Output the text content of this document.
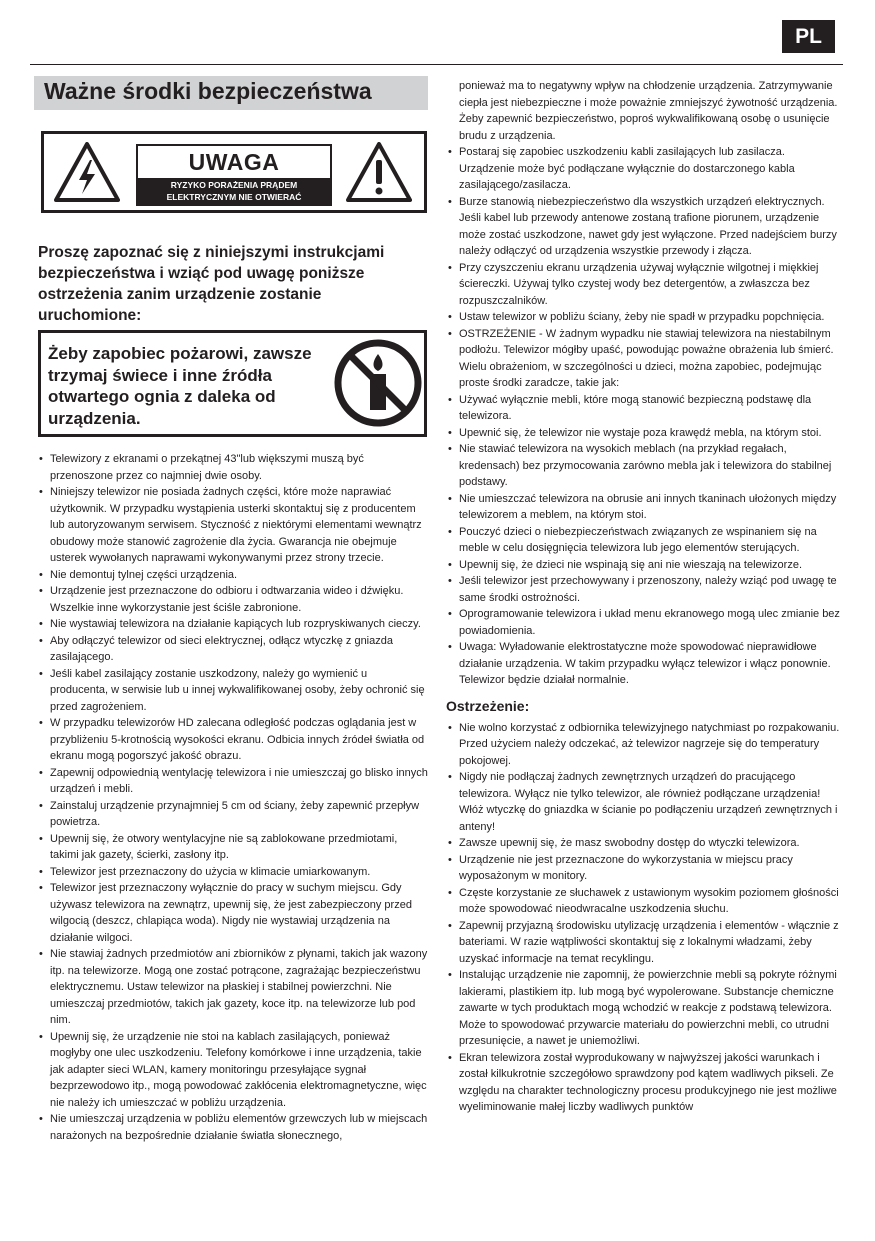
PL
Ważne środki bezpieczeństwa
UWAGA
RYZYKO PORAŻENIA PRĄDEM
ELEKTRYCZNYM NIE OTWIERAĆ
Proszę zapoznać się z niniejszymi instrukcjami bezpieczeństwa i wziąć pod uwagę poniższe ostrzeżenia zanim urządzenie zostanie uruchomione:
Żeby zapobiec pożarowi, zawsze trzymaj świece i inne źródła otwartego ognia z daleka od urządzenia.
• Telewizory z ekranami o przekątnej 43"lub większymi muszą być przenoszone przez co najmniej dwie osoby.
• Niniejszy telewizor nie posiada żadnych części, które może naprawiać użytkownik. W przypadku wystąpienia usterki skontaktuj się z producentem lub autoryzowanym serwisem. Styczność z niektórymi elementami wewnątrz obudowy może stanowić zagrożenie dla życia. Gwarancja nie obejmuje usterek wywołanych naprawami wykonywanymi przez strony trzecie.
• Nie demontuj tylnej części urządzenia.
• Urządzenie jest przeznaczone do odbioru i odtwarzania wideo i dźwięku. Wszelkie inne wykorzystanie jest ściśle zabronione.
• Nie wystawiaj telewizora na działanie kapiących lub rozpryskiwanych cieczy.
• Aby odłączyć telewizor od sieci elektrycznej, odłącz wtyczkę z gniazda zasilającego.
• Jeśli kabel zasilający zostanie uszkodzony, należy go wymienić u producenta, w serwisie lub u innej wykwalifikowanej osoby, żeby ochronić się przed zagrożeniem.
• W przypadku telewizorów HD zalecana odległość podczas oglądania jest w przybliżeniu 5-krotnością wysokości ekranu. Odbicia innych źródeł światła od ekranu mogą pogorszyć jakość obrazu.
• Zapewnij odpowiednią wentylację telewizora i nie umieszczaj go blisko innych urządzeń i mebli.
• Zainstaluj urządzenie przynajmniej 5 cm od ściany, żeby zapewnić przepływ powietrza.
• Upewnij się, że otwory wentylacyjne nie są zablokowane przedmiotami, takimi jak gazety, ścierki, zasłony itp.
• Telewizor jest przeznaczony do użycia w klimacie umiarkowanym.
• Telewizor jest przeznaczony wyłącznie do pracy w suchym miejscu. Gdy używasz telewizora na zewnątrz, upewnij się, że jest zabezpieczony przed wilgocią (deszcz, chlapiąca woda). Nigdy nie wystawiaj urządzenia na działanie wilgoci.
• Nie stawiaj żadnych przedmiotów ani zbiorników z płynami, takich jak wazony itp. na telewizorze. Mogą one zostać potrącone, zagrażając bezpieczeństwu elektrycznemu. Ustaw telewizor na płaskiej i stabilnej powierzchni. Nie umieszczaj przedmiotów, takich jak gazety, koce itp. na telewizorze lub pod nim.
• Upewnij się, że urządzenie nie stoi na kablach zasilających, ponieważ mogłyby one ulec uszkodzeniu. Telefony komórkowe i inne urządzenia, takie jak adapter sieci WLAN, kamery monitoringu przesyłające sygnał bezprzewodowo itp., mogą powodować zakłócenia elektromagnetyczne, więc nie należy ich umieszczać w pobliżu urządzenia.
• Nie umieszczaj urządzenia w pobliżu elementów grzewczych lub w miejscach narażonych na bezpośrednie działanie światła słonecznego,
ponieważ ma to negatywny wpływ na chłodzenie urządzenia. Zatrzymywanie ciepła jest niebezpieczne i może poważnie zmniejszyć żywotność urządzenia. Żeby zapewnić bezpieczeństwo, poproś wykwalifikowaną osobę o usunięcie brudu z urządzenia.
• Postaraj się zapobiec uszkodzeniu kabli zasilających lub zasilacza. Urządzenie może być podłączane wyłącznie do dostarczonego kabla zasilającego/zasilacza.
• Burze stanowią niebezpieczeństwo dla wszystkich urządzeń elektrycznych. Jeśli kabel lub przewody antenowe zostaną trafione piorunem, urządzenie może zostać uszkodzone, nawet gdy jest wyłączone. Przed nadejściem burzy należy odłączyć od urządzenia wszystkie przewody i złącza.
• Przy czyszczeniu ekranu urządzenia używaj wyłącznie wilgotnej i miękkiej ściereczki. Używaj tylko czystej wody bez detergentów, a zwłaszcza bez rozpuszczalników.
• Ustaw telewizor w pobliżu ściany, żeby nie spadł w przypadku popchnięcia.
• OSTRZEŻENIE - W żadnym wypadku nie stawiaj telewizora na niestabilnym podłożu. Telewizor mógłby upaść, powodując poważne obrażenia lub śmierć. Wielu obrażeniom, w szczególności u dzieci, można zapobiec, podejmując proste środki zaradcze, takie jak:
• Używać wyłącznie mebli, które mogą stanowić bezpieczną podstawę dla telewizora.
• Upewnić się, że telewizor nie wystaje poza krawędź mebla, na którym stoi.
• Nie stawiać telewizora na wysokich meblach (na przykład regałach, kredensach) bez przymocowania zarówno mebla jak i telewizora do stabilnej podstawy.
• Nie umieszczać telewizora na obrusie ani innych tkaninach ułożonych między telewizorem a meblem, na którym stoi.
• Pouczyć dzieci o niebezpieczeństwach związanych ze wspinaniem się na meble w celu dosięgnięcia telewizora lub jego elementów sterujących.
• Upewnij się, że dzieci nie wspinają się ani nie wieszają na telewizorze.
• Jeśli telewizor jest przechowywany i przenoszony, należy wziąć pod uwagę te same środki ostrożności.
• Oprogramowanie telewizora i układ menu ekranowego mogą ulec zmianie bez powiadomienia.
• Uwaga: Wyładowanie elektrostatyczne może spowodować nieprawidłowe działanie urządzenia. W takim przypadku wyłącz telewizor i włącz ponownie. Telewizor będzie działał normalnie.
Ostrzeżenie:
• Nie wolno korzystać z odbiornika telewizyjnego natychmiast po rozpakowaniu. Przed użyciem należy odczekać, aż telewizor nagrzeje się do temperatury pokojowej.
• Nigdy nie podłączaj żadnych zewnętrznych urządzeń do pracującego telewizora. Wyłącz nie tylko telewizor, ale również podłączane urządzenia! Włóż wtyczkę do gniazdka w ścianie po podłączeniu urządzeń zewnętrznych i anteny!
• Zawsze upewnij się, że masz swobodny dostęp do wtyczki telewizora.
• Urządzenie nie jest przeznaczone do wykorzystania w miejscu pracy wyposażonym w monitory.
• Częste korzystanie ze słuchawek z ustawionym wysokim poziomem głośności może spowodować nieodwracalne uszkodzenia słuchu.
• Zapewnij przyjazną środowisku utylizację urządzenia i elementów - włącznie z bateriami. W razie wątpliwości skontaktuj się z lokalnymi władzami, żeby uzyskać informacje na temat recyklingu.
• Instalując urządzenie nie zapomnij, że powierzchnie mebli są pokryte różnymi lakierami, plastikiem itp. lub mogą być wypolerowane. Substancje chemiczne zawarte w tych produktach mogą wchodzić w reakcje z podstawą telewizora. Może to spowodować przywarcie materiału do powierzchni mebli, co utrudni przesunięcie, a nawet je uniemożliwi.
• Ekran telewizora został wyprodukowany w najwyższej jakości warunkach i został kilkukrotnie szczegółowo sprawdzony pod kątem wadliwych pikseli. Ze względu na charakter technologiczny procesu produkcyjnego nie jest możliwe wyeliminowanie małej liczby wadliwych punktów
